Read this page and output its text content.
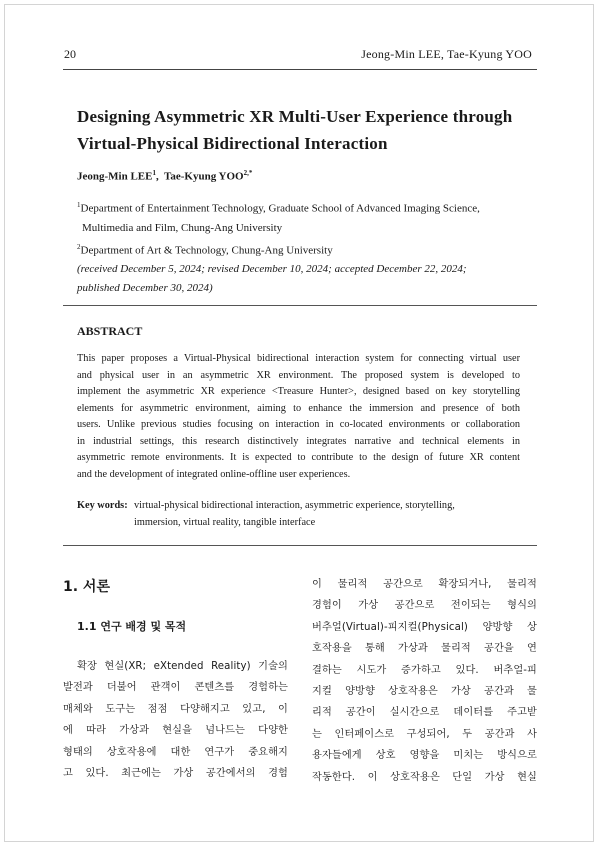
20	Jeong-Min LEE, Tae-Kyung YOO
Designing Asymmetric XR Multi-User Experience through
Virtual-Physical Bidirectional Interaction
Jeong-Min LEE$^1$,  Tae-Kyung $YOO^{2,*}$
$^1$Department of Entertainment Technology, Graduate School of Advanced Imaging Science,
Multimedia and Film, Chung-Ang University
$^2$Department of Art & Technology, Chung-Ang University
(received December 5, 2024; revised December 10, 2024; accepted December 22, 2024;
published December 30, 2024)
ABSTRACT
This paper proposes a Virtual-Physical bidirectional interaction system for connecting virtual user
and physical user in an asymmetric XR environment. The proposed system is developed to
implement the asymmetric XR experience <Treasure Hunter>, designed based on key storytelling
elements for asymmetric environment, aiming to enhance the immersion and presence of both
users. Unlike previous studies focusing on interaction in co-located environments or collaboration
in industrial settings, this research distinctively integrates narrative and technical elements in
asymmetric remote environments. It is expected to contribute to the design of future XR content
and the development of integrated online-offline user experiences.
Key words: virtual-physical bidirectional interaction, asymmetric experience, storytelling,
immersion, virtual reality, tangible interface
1. 서론
1.1 연구 배경 및 목적
확장 현실(XR; eXtended Reality) 기술의
발전과 더불어 관객이 콘텐츠를 경험하는
매체와 도구는 점점 다양해지고 있고, 이
에 따라 가상과 현실을 넘나드는 다양한
형태의 상호작용에 대한 연구가 중요해지
고 있다. 최근에는 가상 공간에서의 경험
이 물리적 공간으로 확장되거나, 물리적
경험이 가상 공간으로 전이되는 형식의
버추얼(Virtual)-피지컬(Physical) 양방향 상
호작용을 통해 가상과 물리적 공간을 연
결하는 시도가 증가하고 있다. 버추얼-피
지컬 양방향 상호작용은 가상 공간과 물
리적 공간이 실시간으로 데이터를 주고받
는 인터페이스로 구성되어, 두 공간과 사
용자들에게 상호 영향을 미치는 방식으로
작동한다. 이 상호작용은 단일 가상 현실
